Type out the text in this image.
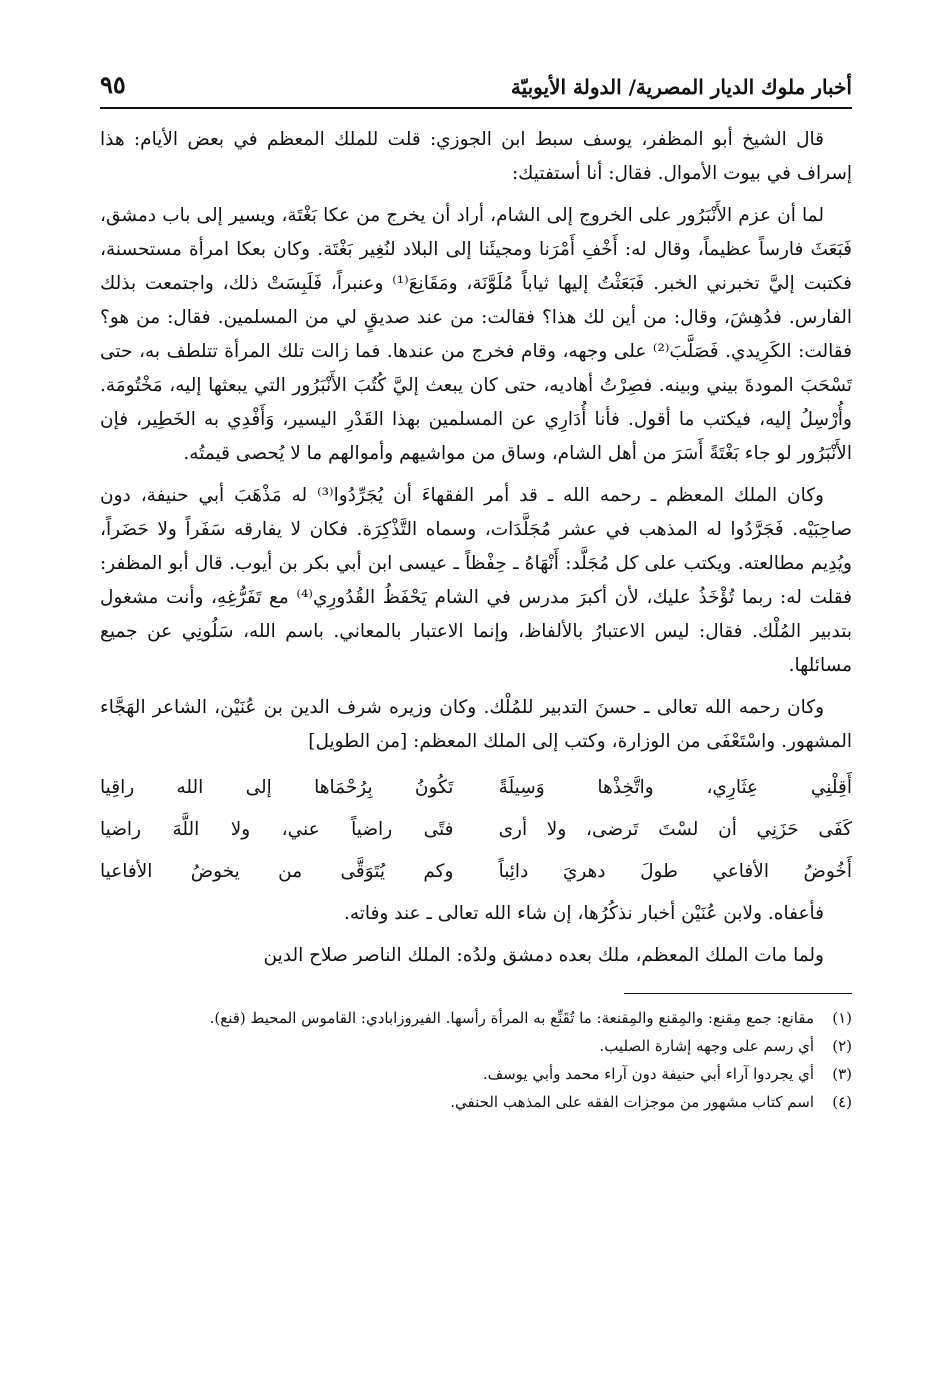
أخبار ملوك الديار المصرية/ الدولة الأيوبيّة
٩٥

قال الشيخ أبو المظفر، يوسف سبط ابن الجوزي: قلت للملك المعظم في بعض الأيام: هذا إسراف في بيوت الأموال. فقال: أنا أستفتيك:

لما أن عزم الأَنْبَرُور على الخروج إلى الشام، أراد أن يخرج من عكا بَغْتَة، ويسير إلى باب دمشق، فَبَعَثَ فارساً عظيماً، وقال له: أَخْفِ أَمْرَنا ومجيئَنا إلى البلاد لنُغِير بَغْتَة. وكان بعكا امرأة مستحسنة، فكتبت إليَّ تخبرني الخبر. فَبَعَثْتُ إليها ثياباً مُلَوَّنَة، ومَقَانِعَ⁽¹⁾ وعنبراً، فَلَبِسَتْ ذلك، واجتمعت بذلك الفارس. فدُهِشَ، وقال: من أين لك هذا؟ فقالت: من عند صديقٍ لي من المسلمين. فقال: من هو؟ فقالت: الكَرِيدي. فَصَلَّبَ⁽²⁾ على وجهه، وقام فخرج من عندها. فما زالت تلك المرأة تتلطف به، حتى تَسْحَبَ المودةَ بيني وبينه. فصِرْتُ أهاديه، حتى كان يبعث إليَّ كُتُبَ الأَنْبَرُور التي يبعثها إليه، مَخْتُومَة. وأُرْسِلُ إليه، فيكتب ما أقول. فأنا أُدَارِي عن المسلمين بهذا القَدْرِ اليسير، وَأَفْدِي به الخَطِير، فإن الأَنْبَرُور لو جاء بَغْتَةً أَسَرَ من أهل الشام، وساق من مواشيهم وأموالهم ما لا يُحصى قيمتُه.

وكان الملك المعظم ـ رحمه الله ـ قد أمر الفقهاءَ أن يُجَرِّدُوا⁽³⁾ له مَذْهَبَ أبي حنيفة، دون صاحِبَيْه. فَجَرَّدُوا له المذهب في عشر مُجَلَّدَات، وسماه التَّذْكِرَة. فكان لا يفارقه سَفَراً ولا حَضَراً، ويُدِيم مطالعته. ويكتب على كل مُجَلَّد: أَنْهَاهُ ـ حِفْظاً ـ عيسى ابن أبي بكر بن أيوب. قال أبو المظفر: فقلت له: ربما تُؤْخَذُ عليك، لأن أكبرَ مدرس في الشام يَحْفَظُ القُدُورِي⁽⁴⁾ مع تَفَرُّغِهِ، وأنت مشغول بتدبير المُلْك. فقال: ليس الاعتبارُ بالألفاظ، وإنما الاعتبار بالمعاني. باسم الله، سَلُونِي عن جميع مسائلها.

وكان رحمه الله تعالى ـ حسنَ التدبير للمُلْك. وكان وزيره شرف الدين بن عُنَيْن، الشاعر الهَجَّاء المشهور. واسْتَعْفَى من الوزارة، وكتب إلى الملك المعظم: [من الطويل]

أَقِلْنِي عِثَارِي، واتَّخِذْها وَسِيلَةً
تَكُونُ بِرُحْمَاها إلى الله راقِيا
كَفَى حَزَنِي أن لسْتَ تَرضى، ولا أرى
فتًى راضياً عني، ولا اللَّهَ راضيا
أَخُوضُ الأفاعي طولَ دهريَ دائِباً
وكم يُتَوَقَّى من يخوضُ الأفاعيا

فأعفاه. ولابن عُنَيْن أخبار نذكُرُها، إن شاء الله تعالى ـ عند وفاته.

ولما مات الملك المعظم، ملك بعده دمشق ولدُه: الملك الناصر صلاح الدين

(١)
مقانع: جمع مِقنع: والمِقنع والمِقنعة: ما تُقَنِّع به المرأة رأسها. الفيروزابادي: القاموس المحيط (قنع).
(٢)
أي رسم على وجهه إشارة الصليب.
(٣)
أي يجردوا آراء أبي حنيفة دون آراء محمد وأبي يوسف.
(٤)
اسم كتاب مشهور من موجزات الفقه على المذهب الحنفي.
